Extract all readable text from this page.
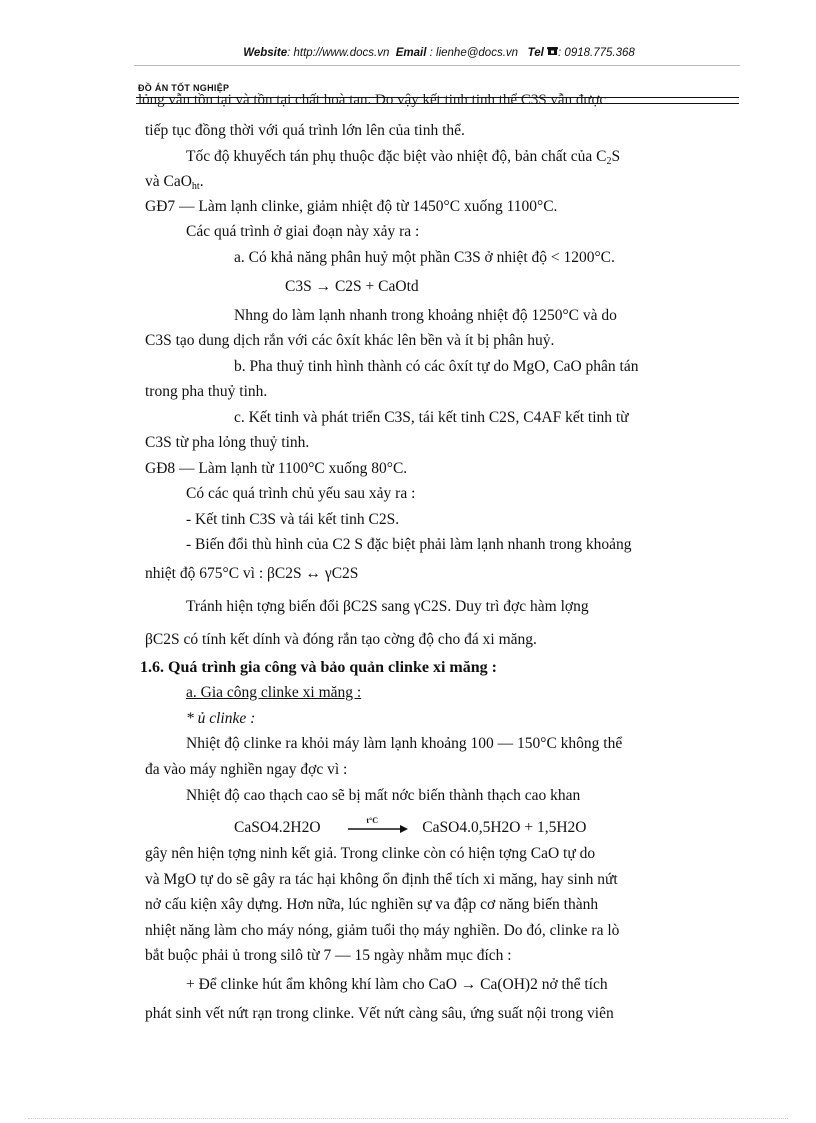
Website: http://www.docs.vn Email : lienhe@docs.vn Tel : 0918.775.368
ĐỒ ÁN TỐT NGHIỆP
lỏng vẫn tồn tại và tồn tại chất hoà tan. Do vậy kết tinh tinh thể C3S vẫn được
tiếp tục đồng thời với quá trình lớn lên của tinh thể.
Tốc độ khuyếch tán phụ thuộc đặc biệt vào nhiệt độ, bản chất của $C_2S$
và CaO$_{ht}$.
GĐ7 — Làm lạnh clinke, giảm nhiệt độ từ 1450°C xuống 1100°C.
Các quá trình ở giai đoạn này xảy ra :
a. Có khả năng phân huỷ một phần C3S ở nhiệt độ < 1200°C.
C3S → C2S + CaOtd
Nhng do làm lạnh nhanh trong khoảng nhiệt độ 1250°C và do
C3S tạo dung dịch rắn với các ôxít khác lên bền và ít bị phân huỷ.
b. Pha thuỷ tinh hình thành có các ôxít tự do MgO, CaO phân tán
trong pha thuỷ tinh.
c. Kết tinh và phát triển C3S, tái kết tinh C2S, C4AF kết tinh từ
C3S từ pha lỏng thuỷ tinh.
GĐ8 — Làm lạnh từ 1100°C xuống 80°C.
Có các quá trình chủ yếu sau xảy ra :
- Kết tinh C3S và tái kết tinh C2S.
- Biến đổi thù hình của C2 S đặc biệt phải làm lạnh nhanh trong khoảng
nhiệt độ 675°C vì : βC2S ↔ γC2S
Tránh hiện tợng biến đổi βC2S sang γC2S. Duy trì đợc hàm lợng
βC2S có tính kết dính và đóng rắn tạo cờng độ cho đá xi măng.
1.6. Quá trình gia công và bảo quản clinke xi măng :
a. Gia công clinke xi măng :
* ủ clinke :
Nhiệt độ clinke ra khỏi máy làm lạnh khoảng 100 — 150°C không thể
đa vào máy nghiền ngay đợc vì :
Nhiệt độ cao thạch cao sẽ bị mất nớc biến thành thạch cao khan
CaSO4.2H2O	t°C	CaSO4.0,5H2O + 1,5H2O
gây nên hiện tợng ninh kết giả. Trong clinke còn có hiện tợng CaO tự do
và MgO tự do sẽ gây ra tác hại không ổn định thể tích xi măng, hay sinh nứt
nở cấu kiện xây dựng. Hơn nữa, lúc nghiền sự va đập cơ năng biến thành
nhiệt năng làm cho máy nóng, giảm tuổi thọ máy nghiền. Do đó, clinke ra lò
bắt buộc phải ủ trong silô từ 7 — 15 ngày nhằm mục đích :
+ Để clinke hút ẩm không khí làm cho CaO → Ca(OH)2 nở thể tích
phát sinh vết nứt rạn trong clinke. Vết nứt càng sâu, ứng suất nội trong viên
